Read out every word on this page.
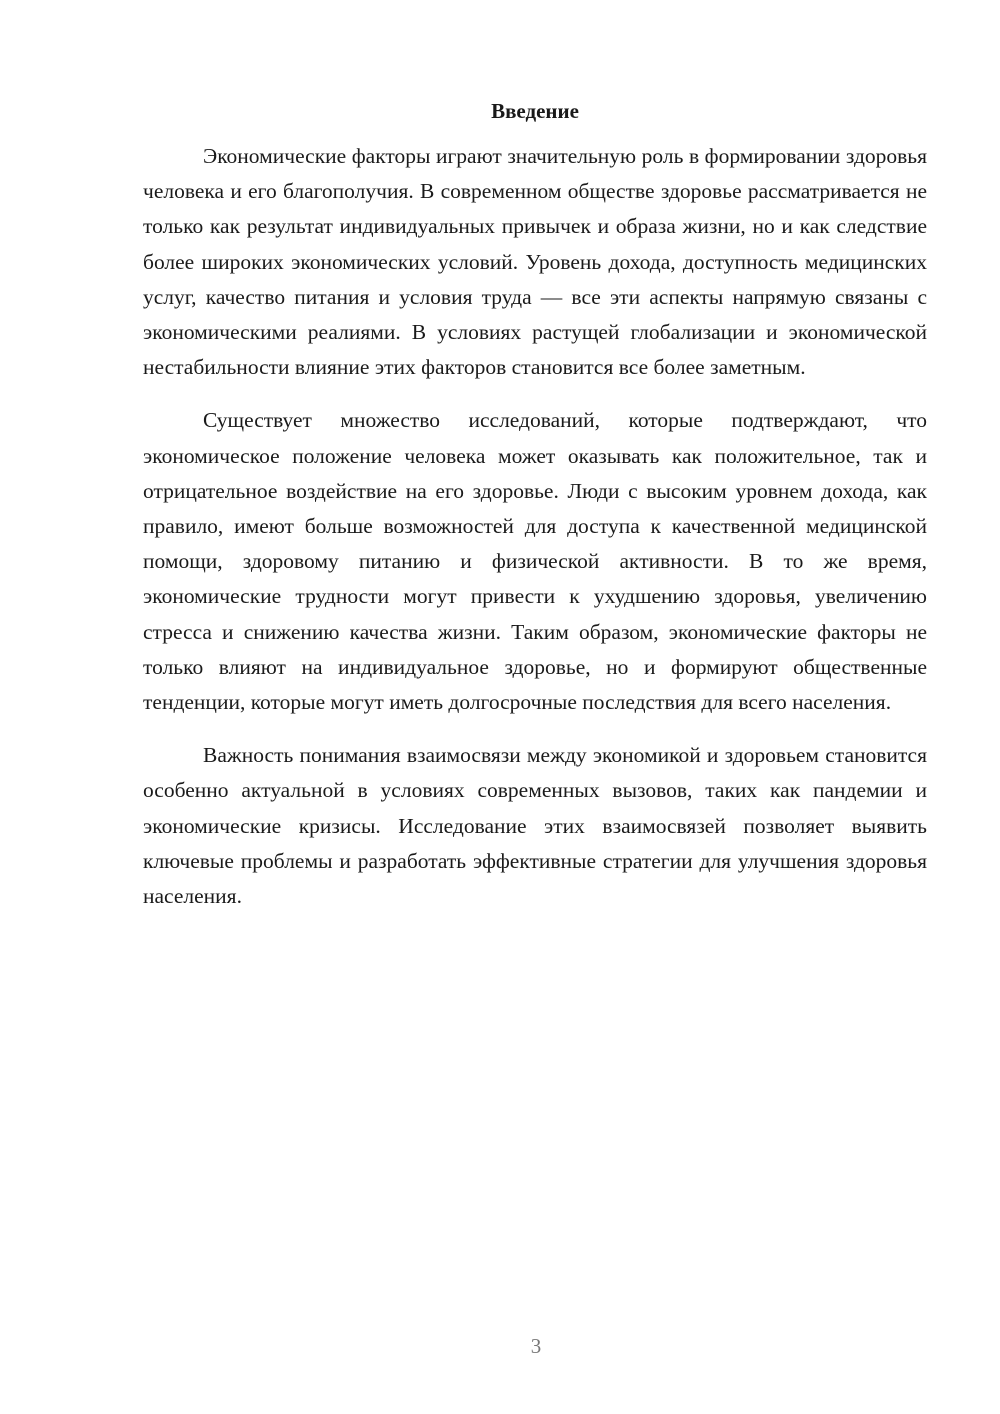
Введение

Экономические факторы играют значительную роль в формировании здоровья человека и его благополучия. В современном обществе здоровье рассматривается не только как результат индивидуальных привычек и образа жизни, но и как следствие более широких экономических условий. Уровень дохода, доступность медицинских услуг, качество питания и условия труда — все эти аспекты напрямую связаны с экономическими реалиями. В условиях растущей глобализации и экономической нестабильности влияние этих факторов становится все более заметным.

Существует множество исследований, которые подтверждают, что экономическое положение человека может оказывать как положительное, так и отрицательное воздействие на его здоровье. Люди с высоким уровнем дохода, как правило, имеют больше возможностей для доступа к качественной медицинской помощи, здоровому питанию и физической активности. В то же время, экономические трудности могут привести к ухудшению здоровья, увеличению стресса и снижению качества жизни. Таким образом, экономические факторы не только влияют на индивидуальное здоровье, но и формируют общественные тенденции, которые могут иметь долгосрочные последствия для всего населения.

Важность понимания взаимосвязи между экономикой и здоровьем становится особенно актуальной в условиях современных вызовов, таких как пандемии и экономические кризисы. Исследование этих взаимосвязей позволяет выявить ключевые проблемы и разработать эффективные стратегии для улучшения здоровья населения.

3
